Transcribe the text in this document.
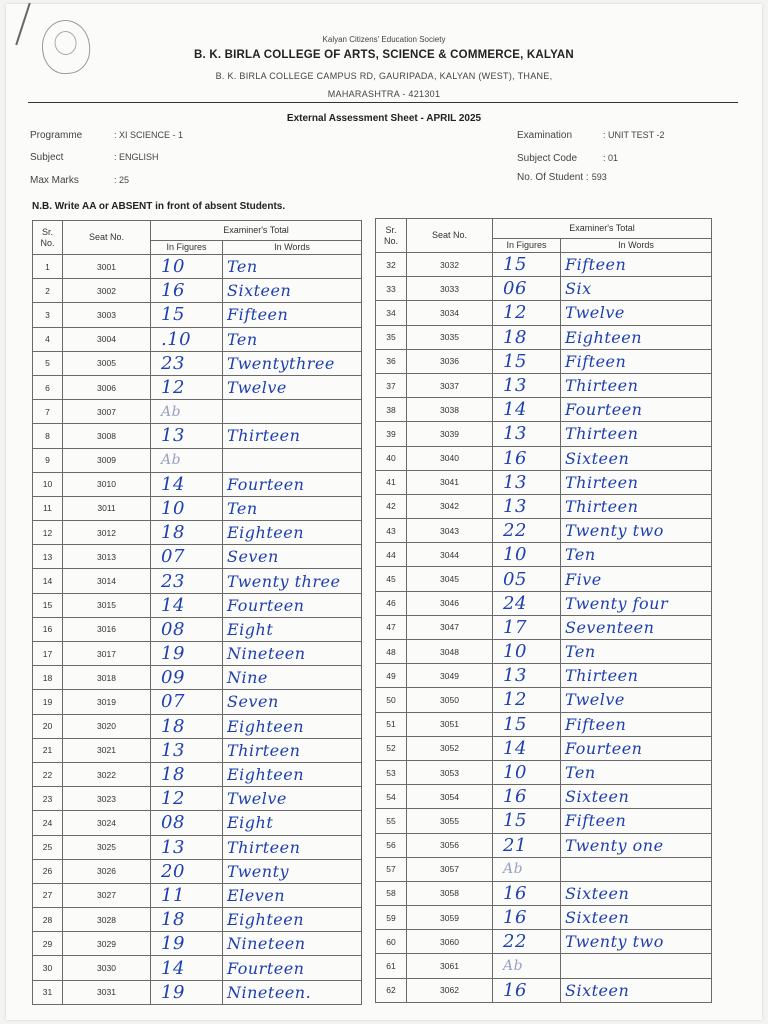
Kalyan Citizens' Education Society
B. K. BIRLA COLLEGE OF ARTS, SCIENCE & COMMERCE, KALYAN
B. K. BIRLA COLLEGE CAMPUS RD, GAURIPADA, KALYAN (WEST), THANE,
MAHARASHTRA - 421301
External Assessment Sheet - APRIL 2025
Programme	: XI SCIENCE - 1
Subject	: ENGLISH
Max Marks	: 25
Examination	: UNIT TEST -2
Subject Code	: 01
No. Of Student : 593
N.B. Write AA or ABSENT in front of absent Students.
Sr.
No.	Seat No.	Examiner's Total	
		In Figures	In Words
1	3001	10	Ten
2	3002	16	Sixteen
3	3003	15	Fifteen
4	3004	.10	Ten
5	3005	23	Twentythree
6	3006	12	Twelve
7	3007	Ab	
8	3008	13	Thirteen
9	3009	Ab	
10	3010	14	Fourteen
11	3011	10	Ten
12	3012	18	Eighteen
13	3013	07	Seven
14	3014	23	Twenty three
15	3015	14	Fourteen
16	3016	08	Eight
17	3017	19	Nineteen
18	3018	09	Nine
19	3019	07	Seven
20	3020	18	Eighteen
21	3021	13	Thirteen
22	3022	18	Eighteen
23	3023	12	Twelve
24	3024	08	Eight
25	3025	13	Thirteen
26	3026	20	Twenty
27	3027	11	Eleven
28	3028	18	Eighteen
29	3029	19	Nineteen
30	3030	14	Fourteen
31	3031	19	Nineteen.
Sr.
No.	Seat No.	Examiner's Total	
		In Figures	In Words
32	3032	15	Fifteen
33	3033	06	Six
34	3034	12	Twelve
35	3035	18	Eighteen
36	3036	15	Fifteen
37	3037	13	Thirteen
38	3038	14	Fourteen
39	3039	13	Thirteen
40	3040	16	Sixteen
41	3041	13	Thirteen
42	3042	13	Thirteen
43	3043	22	Twenty two
44	3044	10	Ten
45	3045	05	Five
46	3046	24	Twenty four
47	3047	17	Seventeen
48	3048	10	Ten
49	3049	13	Thirteen
50	3050	12	Twelve
51	3051	15	Fifteen
52	3052	14	Fourteen
53	3053	10	Ten
54	3054	16	Sixteen
55	3055	15	Fifteen
56	3056	21	Twenty one
57	3057	Ab	
58	3058	16	Sixteen
59	3059	16	Sixteen
60	3060	22	Twenty two
61	3061	Ab	
62	3062	16	Sixteen
